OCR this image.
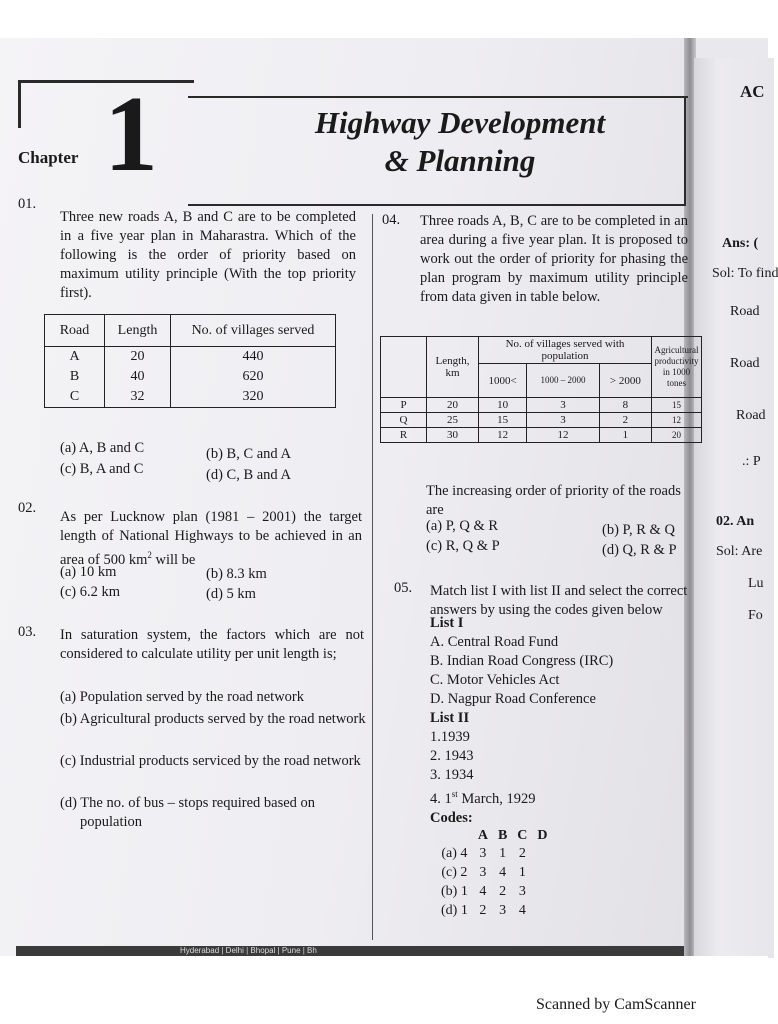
Chapter 1	Highway Development
& Planning
01.
Three new roads A, B and C are to be completed in a five year plan in Maharastra. Which of the following is the order of priority based on maximum utility principle (With the top priority first).
Road	Length	No. of villages served
A	20	440
B	40	620
C	32	320
(a) A, B and C	(b) B, C and A
(c) B, A and C	(d) C, B and A
02.
As per Lucknow plan (1981 – 2001) the target length of National Highways to be achieved in an area of 500 $km^2$ will be
(a) 10 km	(b) 8.3 km
(c) 6.2 km	(d) 5 km
03. In saturation system, the factors which are not considered to calculate utility per unit length is;
(a) Population served by the road network
(b) Agricultural products served by the road network
(c) Industrial products serviced by the road network
(d) The no. of bus – stops required based on population
04. Three roads A, B, C are to be completed in an area during a five year plan. It is proposed to work out the order of priority for phasing the plan program by maximum utility principle from data given in table below.
	Length, km	No. of villages served with population			Agricultural productivity in 1000 tones
		1000<	1000 – 2000	> 2000	
P	20	10	3	8	15
Q	25	15	3	2	12
R	30	12	12	1	20
The increasing order of priority of the roads are
(a) P, Q & R	(b) P, R & Q
(c) R, Q & P	(d) Q, R & P
05. Match list I with list II and select the correct answers by using the codes given below
List I
A. Central Road Fund
B. Indian Road Congress (IRC)
C. Motor Vehicles Act
D. Nagpur Road Conference
List II
1.1939
2. 1943
3. 1934
4. 1st March, 1929
Codes:
	A	B	C	D
(a) 4	3	1	2	
(c) 2	3	4	1	
(b) 1	4	2	3	
(d) 1	2	3	4	
AC
Ans: (
Sol: To find
Road
Road
Road
.: P
02. An
Sol: Are
Lu
Fo
Hyderabad | Delhi | Bhopal | Pune | Bh
Scanned by CamScanner
